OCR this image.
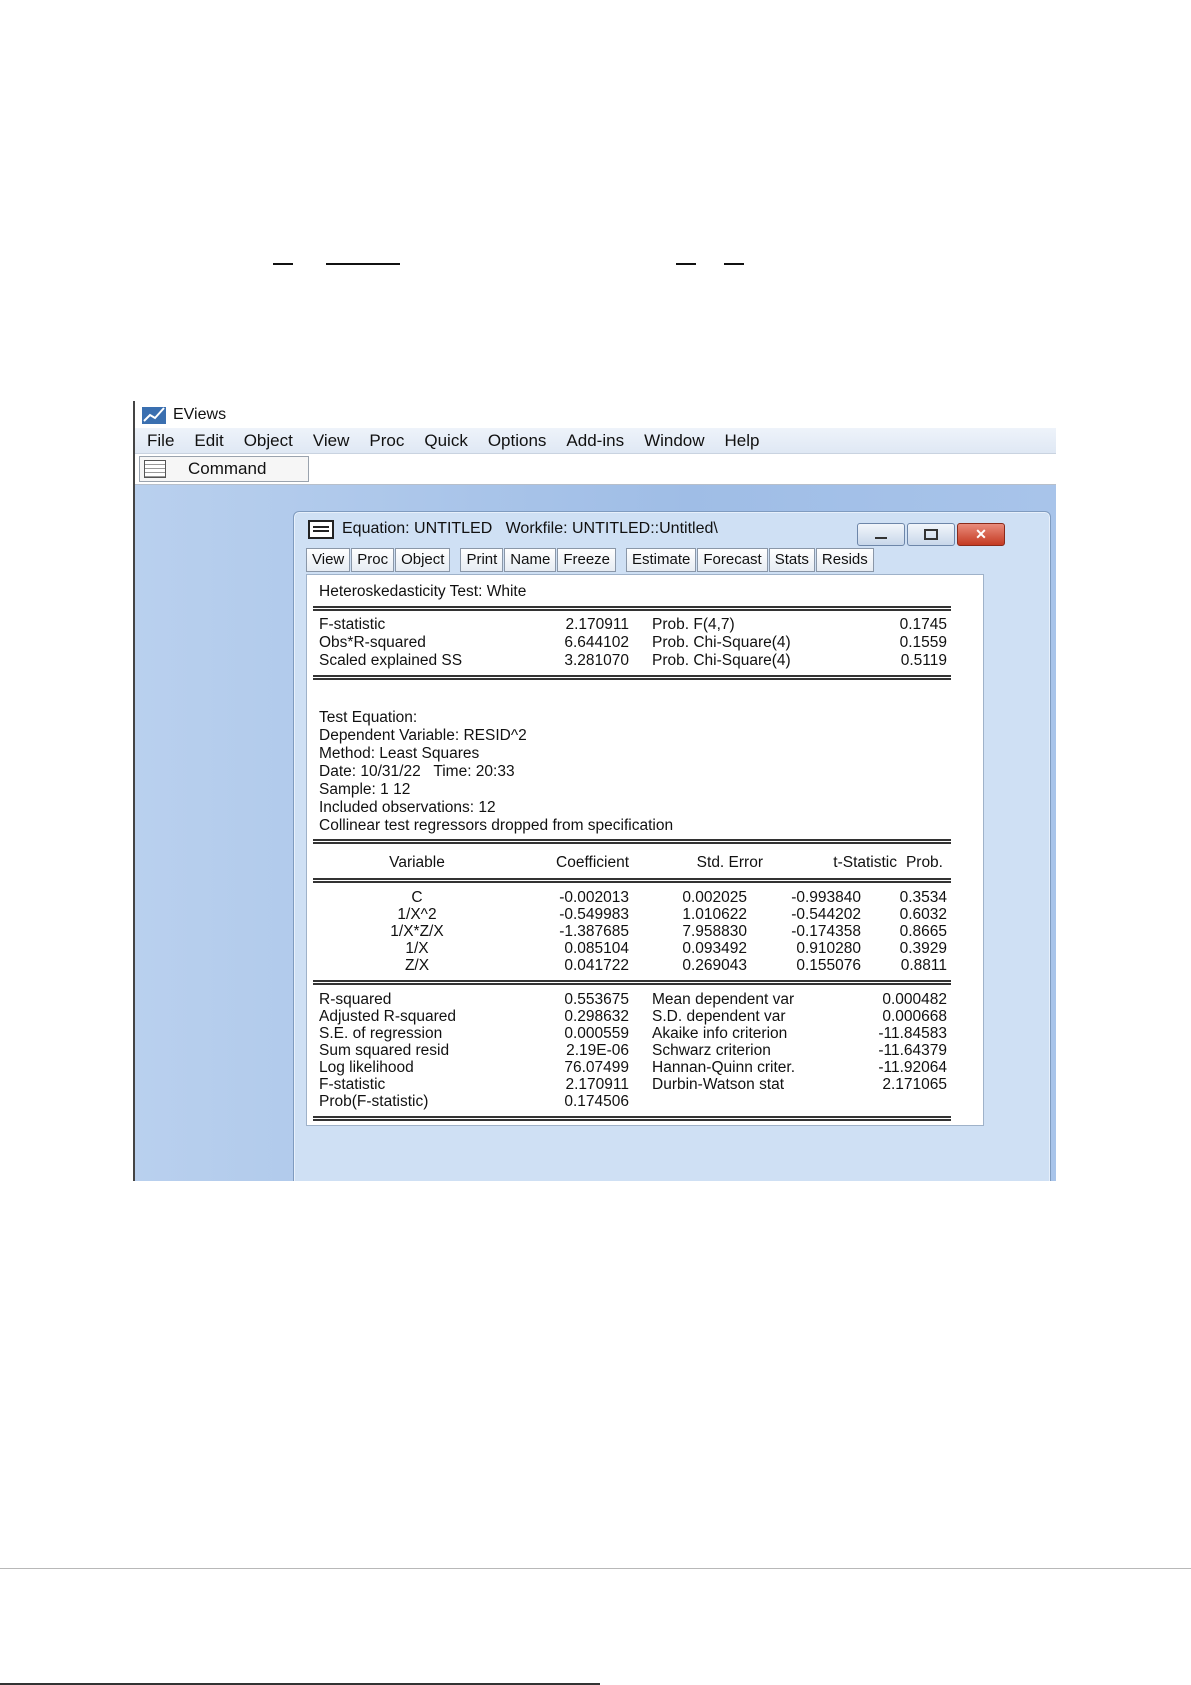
EViews
File Edit Object View Proc Quick Options Add-ins Window Help
Command
Equation: UNTITLED   Workfile: UNTITLED::Untitled\	✕
View Proc Object	Print Name Freeze	Estimate Forecast Stats Resids
Heteroskedasticity Test: White
F-statistic	2.170911 Prob. F(4,7)	0.1745
Obs*R-squared	6.644102 Prob. Chi-Square(4)	0.1559
Scaled explained SS	3.281070 Prob. Chi-Square(4)	0.5119
Test Equation:
Dependent Variable: RESID^2
Method: Least Squares
Date: 10/31/22   Time: 20:33
Sample: 1 12
Included observations: 12
Collinear test regressors dropped from specification
Variable	Coefficient	Std. Error	t-Statistic Prob.
C	-0.002013	0.002025	-0.993840	0.3534
1/X^2	-0.549983	1.010622	-0.544202	0.6032
1/X*Z/X	-1.387685	7.958830	-0.174358	0.8665
1/X	0.085104	0.093492	0.910280	0.3929
Z/X	0.041722	0.269043	0.155076	0.8811
R-squared	0.553675 Mean dependent var	0.000482
Adjusted R-squared	0.298632 S.D. dependent var	0.000668
S.E. of regression	0.000559 Akaike info criterion	-11.84583
Sum squared resid	2.19E-06 Schwarz criterion	-11.64379
Log likelihood	76.07499 Hannan-Quinn criter.	-11.92064
F-statistic	2.170911 Durbin-Watson stat	2.171065
Prob(F-statistic)	0.174506
